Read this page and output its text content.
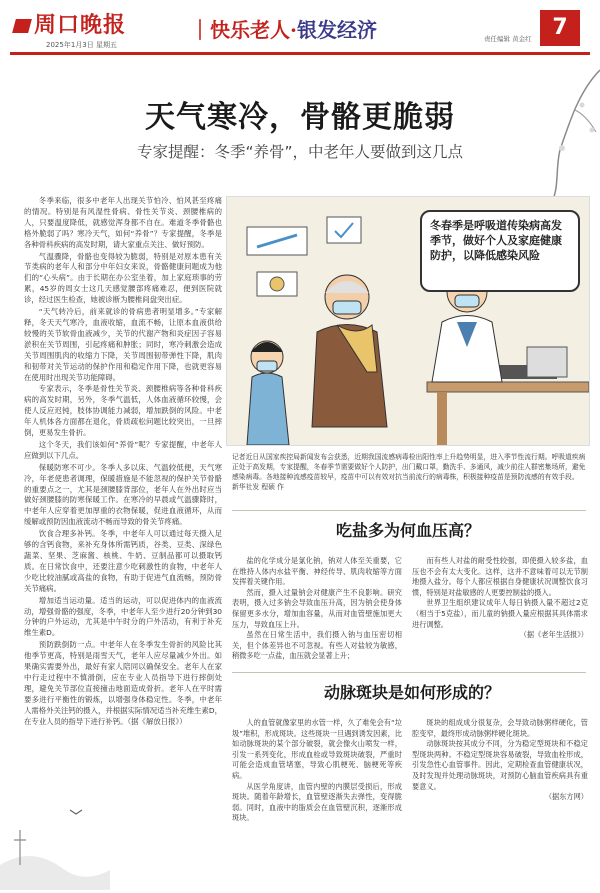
周口晚报
2025年1月3日 星期五
｜快乐老人·银发经济	责任编辑 黄金红 7
天气寒冷，骨骼更脆弱
专家提醒：冬季“养骨”，中老年人要做到这几点

冬季来临，很多中老年人出现关节怕冷、怕风甚至疼痛的情况。特别是有风湿性骨病、骨性关节炎、颈腰椎病的人，只要温度降低，就感觉浑身都不自在。难道冬季骨骼也格外脆弱了吗？寒冷天气，如何“养骨”？专家提醒，冬季是各种骨科疾病的高发时期，请大家重点关注、做好预防。

气温骤降，骨骼也变得较为脆弱，特别是对原本患有关节类病的老年人和部分中年妇女来说，骨骼健康问题成为他们的“心头病”。由于长期在办公室坐着，加上家庭琐事的劳累，45岁的周女士这几天感觉腰部疼痛难忍，便到医院就诊，经过医生检查，她被诊断为腰椎间盘突出症。

“天气转冷后，前来就诊的骨病患者明显增多。”专家解释，冬天天气寒冷，血液收缩，血流不畅，让原本血液供给较慢的关节软骨血液减少，关节的代谢产物和炎症因子容易淤积在关节周围，引起疼痛和肿胀；同时，寒冷刺激会造成关节周围肌肉的收缩力下降，关节周围韧带弹性下降，肌肉和韧带对关节运动的保护作用和稳定作用下降，也就更容易在使用时出现关节功能障碍。

专家表示，冬季是骨性关节炎、颈腰椎病等各种骨科疾病的高发时期，另外，冬季气温低，人体血液循环较慢，会使人反应迟钝，肢体协调能力减弱，增加跌倒的风险。中老年人机体各方面都在退化，骨质疏松问题比较突出，一旦摔倒，更易发生骨折。

这个冬天，我们该如何“养骨”呢？专家提醒，中老年人应做到以下几点。

保暖防寒不可少。冬季人多以床、气温较低便，天气寒冷，年老使患者调理，保暖措施是不能忽视的保护关节骨骼的重要点之一，尤其是颈腰膝背部位，老年人在外出时应当做好颈腰膝的防寒保暖工作。在寒冷的早晨或气温骤降时，中老年人应穿着更加厚重的衣物保暖，促进血液循环，从而缓解或预防因血液流动不畅而导致的骨关节疼痛。

饮食合理多补钙。冬季，中老年人可以通过每天摄入足够的含钙食物，来补充身体所需钙质，谷类、豆类、深绿色蔬菜、坚果、芝麻酱、核桃、牛奶、豆制品都可以摄取钙质。在日常饮食中，还要注意少吃刺激性的食物，中老年人少吃比较油腻或高盐的食物，有助于促进气血流畅，预防骨关节痛病。

增加适当运动量。适当的运动，可以促进体内的血液流动，增强骨骼的强度，冬季，中老年人至少进行20分钟到30分钟的户外运动，尤其是中午时分的户外活动，有利于补充维生素D。

预防跌倒防一点。中老年人在冬季发生骨折的风险比其他季节更高，特别是雨雪天气，老年人应尽量减少外出。如果确实需要外出，最好有家人陪同以确保安全。老年人在家中行走过程中不慎滑倒，应在专业人员指导下进行摔倒处理，避免关节部位直接撞击地面造成骨折。老年人在平时需要多进行平衡性的锻炼，以增强身体稳定性。冬季，中老年人需格外关注钙的摄入，并根据实际情况适当补充维生素D，在专业人员的指导下进行补钙。（据《解放日报》）

冬春季是呼吸道传染病高发季节，做好个人及家庭健康防护，以降低感染风险
记者近日从国家疾控局新闻发布会获悉，近期我国流感病毒检出阳性率上升趋势明显，进入季节性流行期。呼吸道疾病正处于高发期，专家提醒，冬春季节需要做好个人防护，出门戴口罩，勤洗手、多通风，减少前往人群密集场所，避免感染病毒。各地接种流感疫苗较早，疫苗中可以有效对抗当前流行的病毒株，积极接种疫苗是预防流感的有效手段。 新华社发 程硕 作
吃盐多为何血压高？

盐的化学成分是氯化钠，钠对人体至关重要，它在维持人体内水盐平衡、神经传导、肌肉收缩等方面发挥着关键作用。

然而，摄入过量钠会对健康产生不良影响。研究表明，摄入过多钠会导致血压升高，因为钠会使身体保留更多水分，增加血容量，从而对血管壁施加更大压力，导致血压上升。

虽然在日常生活中，我们摄入钠与血压密切相关，但个体差异也不可忽视。有些人对盐较为敏感，稍微多吃一点盐，血压就会显著上升；

而有些人对盐的耐受性较强，即使摄入较多盐，血压也不会有太大变化。这样，这并不意味着可以无节制地摄入盐分。每个人都应根据自身健康状况调整饮食习惯，特别是对盐敏感的人更要控制盐的摄入。

世界卫生组织建议成年人每日钠摄入量不超过2克（相当于5克盐），而儿童的钠摄入量应根据其具体需求进行调整。

（据《老年生活报》）

动脉斑块是如何形成的？

人的血管就像家里的水管一样，久了难免会有“垃圾”堆积，形成斑块。这些斑块一旦遇到诱发因素，比如动脉斑块的某个部分破裂，就会像火山喷发一样，引发一系列变化，形成血栓或导致斑块破裂，严重时可能会造成血管堵塞，导致心肌梗死、脑梗死等疾病。

从医学角度讲，血管内壁的内膜层受损后，形成斑块。随着年龄增长，血管壁逐渐失去弹性，变得脆弱。同时，血液中的脂质会在血管壁沉积，逐渐形成斑块。

斑块的组成成分很复杂，会导致动脉粥样硬化，管腔变窄，最终形成动脉粥样硬化斑块。

动脉斑块按其成分不同，分为稳定型斑块和不稳定型斑块两种。不稳定型斑块容易破裂，导致血栓形成，引发急性心血管事件。因此，定期检查血管健康状况，及时发现并处理动脉斑块，对预防心脑血管疾病具有重要意义。

（据东方网）
